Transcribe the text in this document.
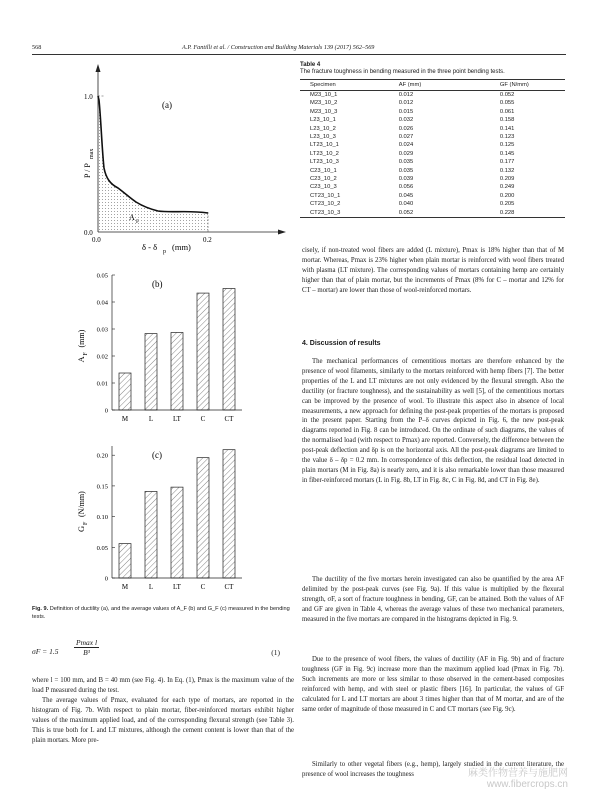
568	A.P. Fantilli et al. / Construction and Building Materials 139 (2017) 562–569
1.0
0.0
0.0	0.2
(a)
A F
P / P
max
δ - δ p (mm)
0
0.01
0.02
0.03
0.04
0.05
M	L	LT	C	CT
(b)
A
F
(mm)
0
0.05
0.10
0.15
0.20
M	L	LT	C	CT
(c)
G
F
(N/mm)
Fig. 9. Definition of ductility (a), and the average values of A_F (b) and G_F (c) measured in the bending tests.
σF = 1.5
Pmax l
B³	(1)
where l = 100 mm, and B = 40 mm (see Fig. 4). In Eq. (1), Pmax is the maximum value of the load P measured during the test.
The average values of Pmax, evaluated for each type of mortars, are reported in the histogram of Fig. 7b. With respect to plain mortar, fiber-reinforced mortars exhibit higher values of the maximum applied load, and of the corresponding flexural strength (see Table 3). This is true both for L and LT mixtures, although the cement content is lower than that of the plain mortars. More pre-
Table 4
The fracture toughness in bending measured in the three point bending tests.
Specimen	AF (mm)	GF (N/mm)
M23_10_1	0.012	0.052
M23_10_2	0.012	0.055
M23_10_3	0.015	0.061
L23_10_1	0.032	0.158
L23_10_2	0.026	0.141
L23_10_3	0.027	0.123
LT23_10_1	0.024	0.125
LT23_10_2	0.029	0.145
LT23_10_3	0.035	0.177
C23_10_1	0.035	0.132
C23_10_2	0.039	0.209
C23_10_3	0.056	0.249
CT23_10_1	0.045	0.200
CT23_10_2	0.040	0.205
CT23_10_3	0.052	0.228
cisely, if non-treated wool fibers are added (L mixture), Pmax is 18% higher than that of M mortar. Whereas, Pmax is 23% higher when plain mortar is reinforced with wool fibers treated with plasma (LT mixture). The corresponding values of mortars containing hemp are certainly higher than that of plain mortar, but the increments of Pmax (8% for C – mortar and 12% for CT – mortar) are lower than those of wool-reinforced mortars.
4. Discussion of results
The mechanical performances of cementitious mortars are therefore enhanced by the presence of wool filaments, similarly to the mortars reinforced with hemp fibers [7]. The better properties of the L and LT mixtures are not only evidenced by the flexural strength. Also the ductility (or fracture toughness), and the sustainability as well [5], of the cementitious mortars can be improved by the presence of wool. To illustrate this aspect also in absence of local measurements, a new approach for defining the post-peak properties of the mortars is proposed in the present paper. Starting from the P–δ curves depicted in Fig. 6, the new post-peak diagrams reported in Fig. 8 can be introduced. On the ordinate of such diagrams, the values of the normalised load (with respect to Pmax) are reported. Conversely, the difference between the post-peak deflection and δp is on the horizontal axis. All the post-peak diagrams are limited to the value δ – δp = 0.2 mm. In correspondence of this deflection, the residual load detected in plain mortars (M in Fig. 8a) is nearly zero, and it is also remarkable lower than those measured in fiber-reinforced mortars (L in Fig. 8b, LT in Fig. 8c, C in Fig. 8d, and CT in Fig. 8e).
The ductility of the five mortars herein investigated can also be quantified by the area AF delimited by the post-peak curves (see Fig. 9a). If this value is multiplied by the flexural strength, σF, a sort of fracture toughness in bending, GF, can be attained. Both the values of AF and GF are given in Table 4, whereas the average values of these two mechanical parameters, measured in the five mortars are compared in the histograms depicted in Fig. 9.
Due to the presence of wool fibers, the values of ductility (AF in Fig. 9b) and of fracture toughness (GF in Fig. 9c) increase more than the maximum applied load (Pmax in Fig. 7b). Such increments are more or less similar to those observed in the cement-based composites reinforced with hemp, and with steel or plastic fibers [16]. In particular, the values of GF calculated for L and LT mortars are about 3 times higher than that of M mortar, and are of the same order of magnitude of those measured in C and CT mortars (see Fig. 9c).
Similarly to other vegetal fibers (e.g., hemp), largely studied in the current literature, the presence of wool increases the toughness	麻类作物营养与施肥网
www.fibercrops.cn
